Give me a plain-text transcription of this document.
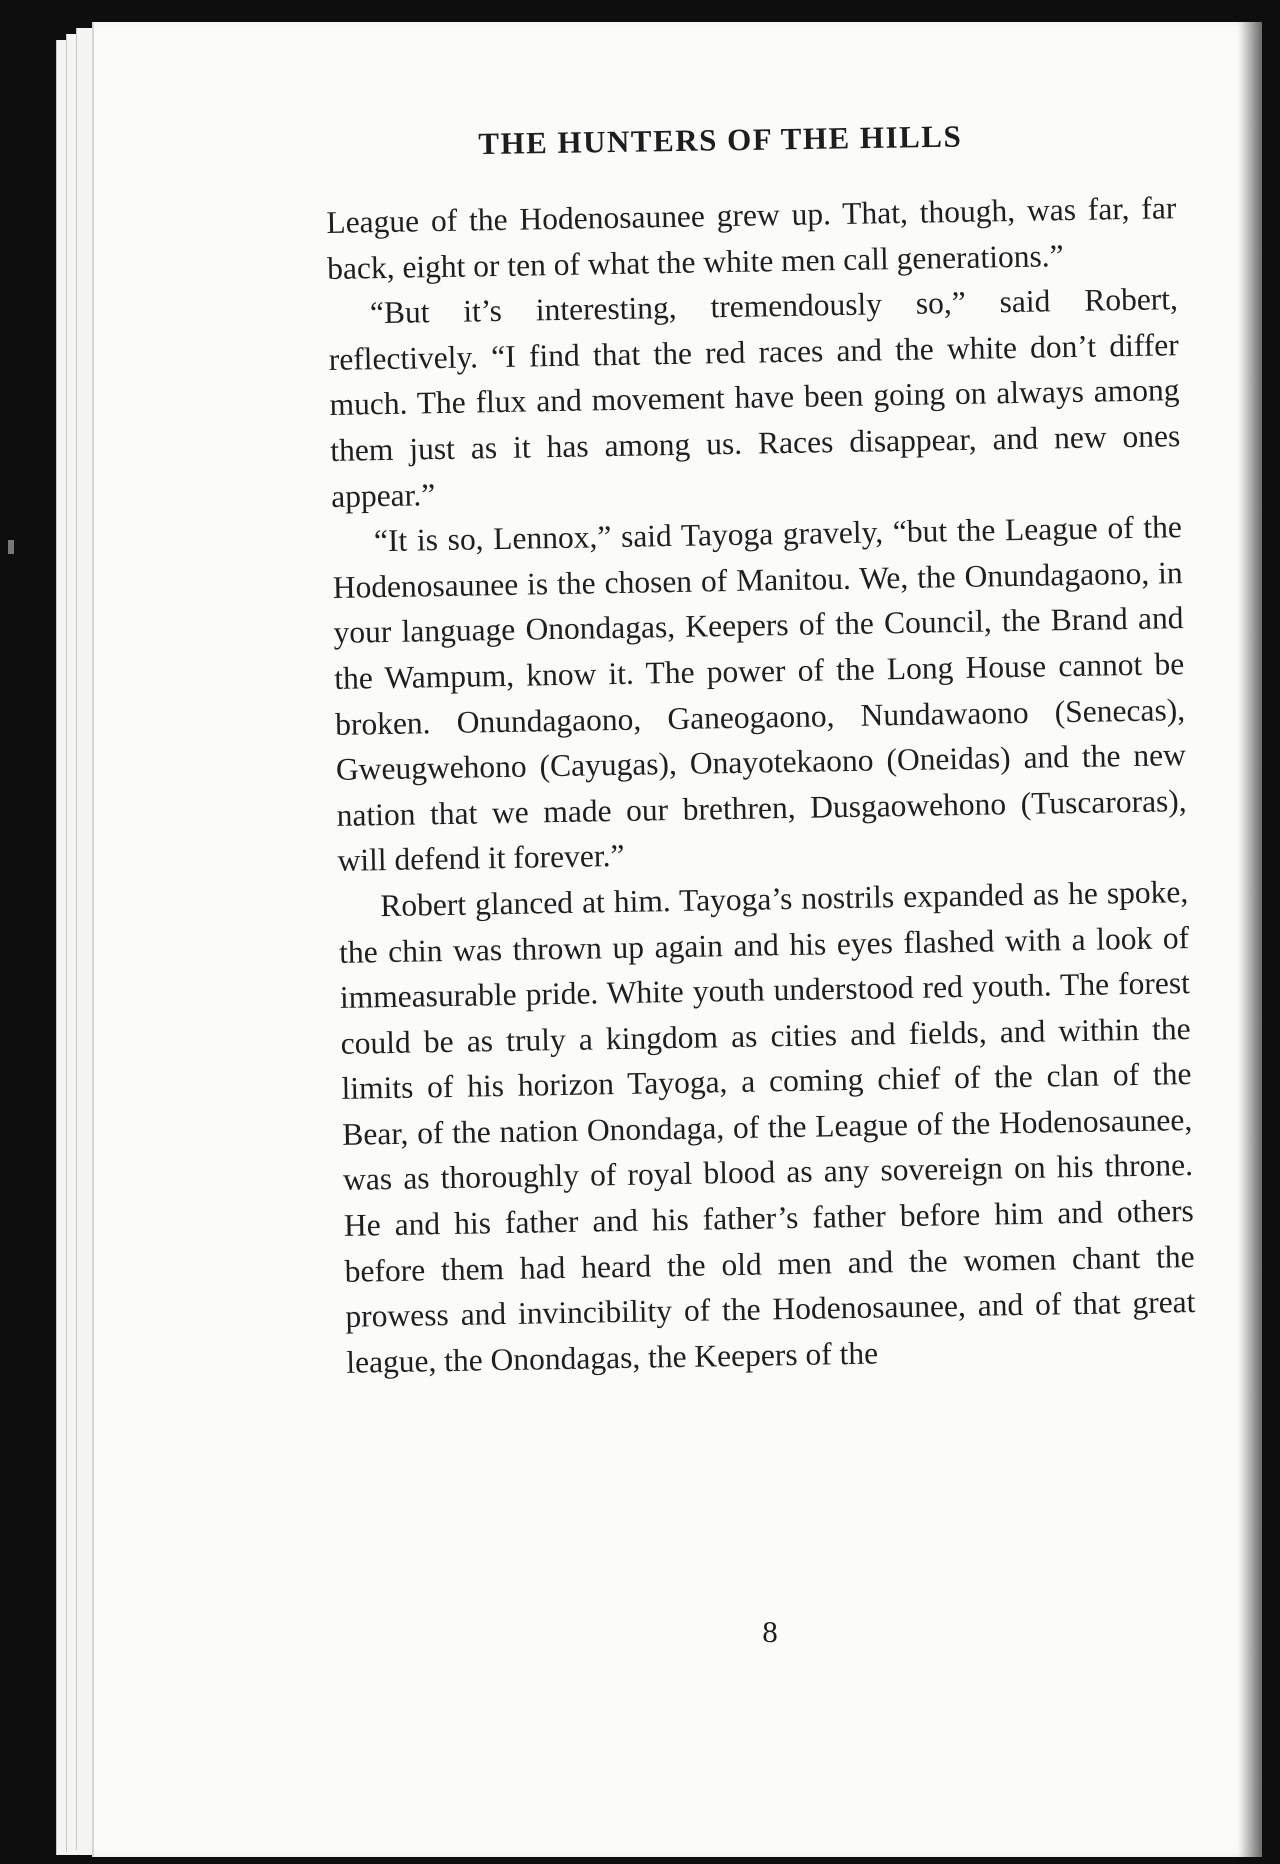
THE HUNTERS OF THE HILLS

League of the Hodenosaunee grew up. That, though, was far, far back, eight or ten of what the white men call generations.”

“But it’s interesting, tremendously so,” said Robert, reflectively. “I find that the red races and the white don’t differ much. The flux and movement have been going on always among them just as it has among us. Races disappear, and new ones appear.”

“It is so, Lennox,” said Tayoga gravely, “but the League of the Hodenosaunee is the chosen of Manitou. We, the Onundagaono, in your language Onondagas, Keepers of the Council, the Brand and the Wampum, know it. The power of the Long House cannot be broken. Onundagaono, Ganeogaono, Nundawaono (Senecas), Gweugwehono (Cayugas), Onayotekaono (Oneidas) and the new nation that we made our brethren, Dusgaowehono (Tuscaroras), will defend it forever.”

Robert glanced at him. Tayoga’s nostrils expanded as he spoke, the chin was thrown up again and his eyes flashed with a look of immeasurable pride. White youth understood red youth. The forest could be as truly a kingdom as cities and fields, and within the limits of his horizon Tayoga, a coming chief of the clan of the Bear, of the nation Onondaga, of the League of the Hodenosaunee, was as thoroughly of royal blood as any sovereign on his throne. He and his father and his father’s father before him and others before them had heard the old men and the women chant the prowess and invincibility of the Hodenosaunee, and of that great league, the Onondagas, the Keepers of the

8
